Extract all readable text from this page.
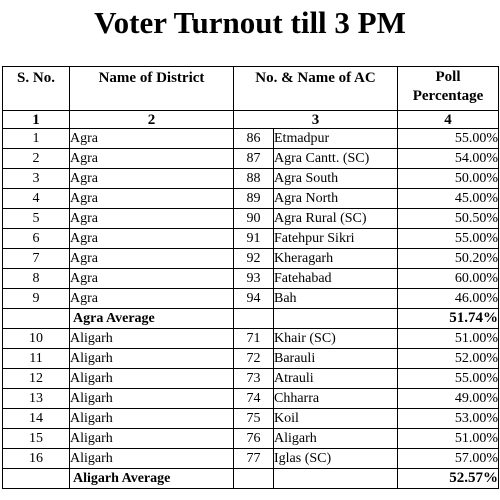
Voter Turnout till 3 PM
S. No.	Name of District	No. & Name of AC		Poll
Percentage
1	2	3		4
1	Agra	86	Etmadpur	55.00%
2	Agra	87	Agra Cantt. (SC)	54.00%
3	Agra	88	Agra South	50.00%
4	Agra	89	Agra North	45.00%
5	Agra	90	Agra Rural (SC)	50.50%
6	Agra	91	Fatehpur Sikri	55.00%
7	Agra	92	Kheragarh	50.20%
8	Agra	93	Fatehabad	60.00%
9	Agra	94	Bah	46.00%
	Agra Average			51.74%
10	Aligarh	71	Khair (SC)	51.00%
11	Aligarh	72	Barauli	52.00%
12	Aligarh	73	Atrauli	55.00%
13	Aligarh	74	Chharra	49.00%
14	Aligarh	75	Koil	53.00%
15	Aligarh	76	Aligarh	51.00%
16	Aligarh	77	Iglas (SC)	57.00%
	Aligarh Average			52.57%
